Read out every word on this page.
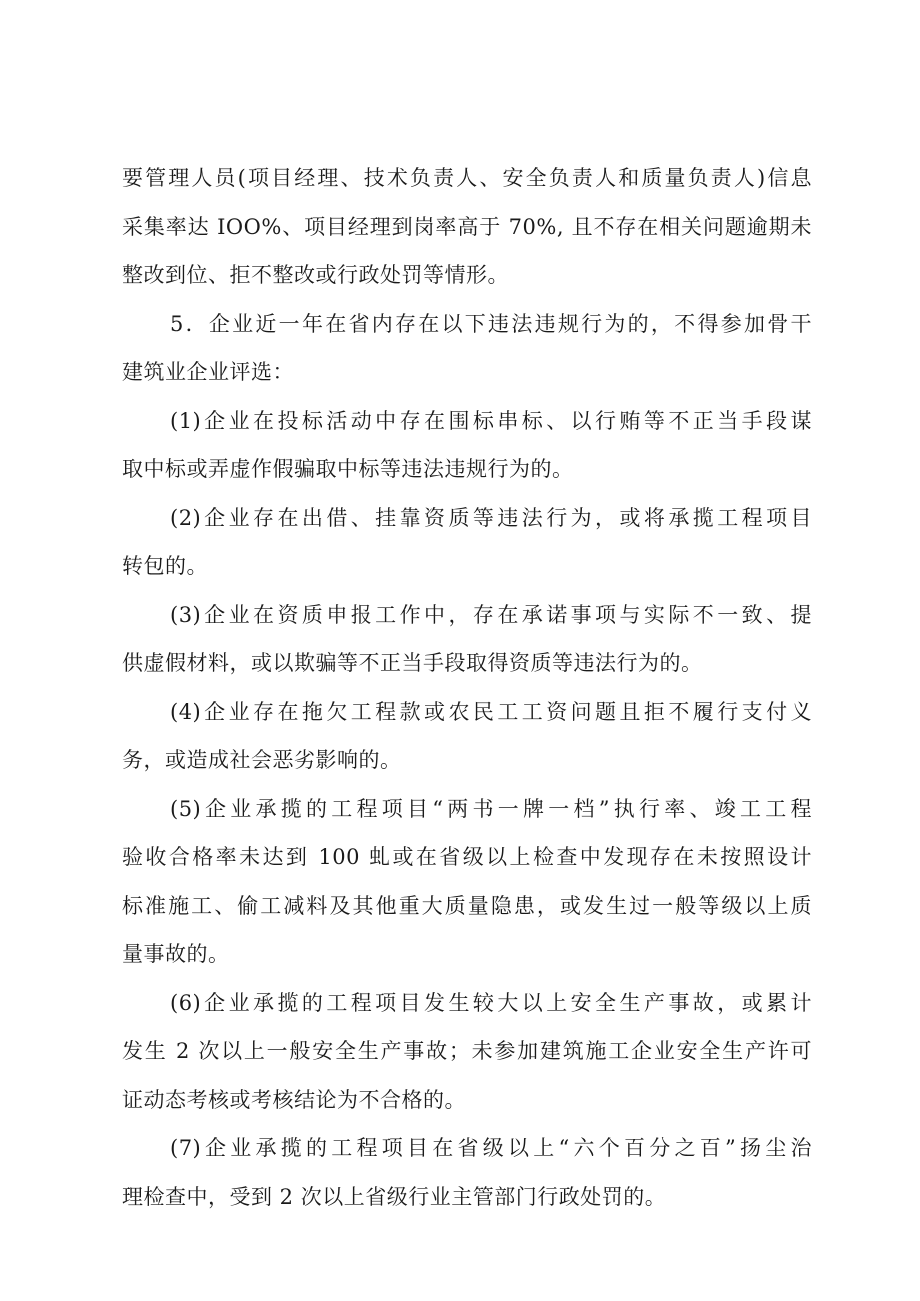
要管理人员(项目经理、技术负责人、安全负责人和质量负责人)信息
采集率达 IOO%、项目经理到岗率高于 70%, 且不存在相关问题逾期未
整改到位、拒不整改或行政处罚等情形。
5．企业近一年在省内存在以下违法违规行为的，不得参加骨干
建筑业企业评选：
(1)企业在投标活动中存在围标串标、以行贿等不正当手段谋
取中标或弄虚作假骗取中标等违法违规行为的。
(2)企业存在出借、挂靠资质等违法行为，或将承揽工程项目
转包的。
(3)企业在资质申报工作中，存在承诺事项与实际不一致、提
供虚假材料，或以欺骗等不正当手段取得资质等违法行为的。
(4)企业存在拖欠工程款或农民工工资问题且拒不履行支付义
务，或造成社会恶劣影响的。
(5)企业承揽的工程项目“两书一牌一档”执行率、竣工工程
验收合格率未达到 100 虬或在省级以上检查中发现存在未按照设计
标准施工、偷工减料及其他重大质量隐患，或发生过一般等级以上质
量事故的。
(6)企业承揽的工程项目发生较大以上安全生产事故，或累计
发生 2 次以上一般安全生产事故；未参加建筑施工企业安全生产许可
证动态考核或考核结论为不合格的。
(7)企业承揽的工程项目在省级以上“六个百分之百”扬尘治
理检查中，受到 2 次以上省级行业主管部门行政处罚的。
